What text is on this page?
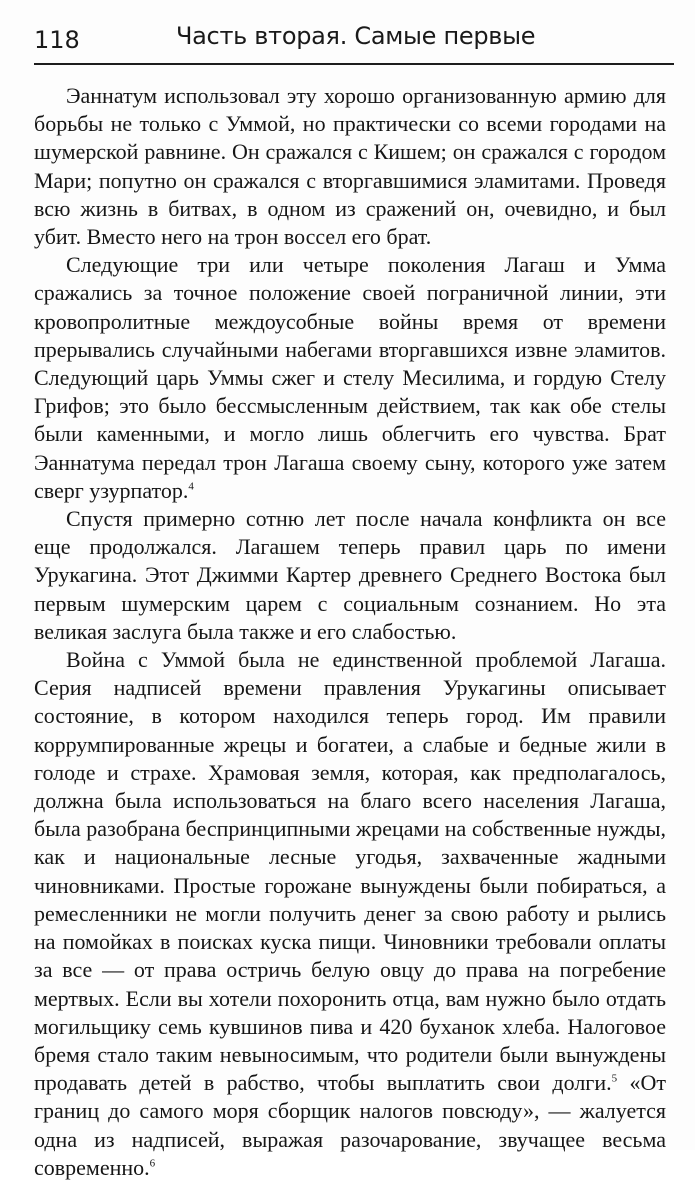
118	Часть вторая. Самые первые

Эаннатум использовал эту хорошо организованную армию для борьбы не только с Уммой, но практически со всеми городами на шумерской равнине. Он сражался с Кишем; он сражался с городом Мари; попутно он сражался с вторгавшимися эламитами. Проведя всю жизнь в битвах, в одном из сражений он, очевидно, и был убит. Вместо него на трон воссел его брат.

Следующие три или четыре поколения Лагаш и Умма сражались за точное положение своей пограничной линии, эти кровопролитные междоусобные войны время от времени прерывались случайными набегами вторгавшихся извне эламитов. Следующий царь Уммы сжег и стелу Месилима, и гордую Стелу Грифов; это было бессмысленным действием, так как обе стелы были каменными, и могло лишь облегчить его чувства. Брат Эаннатума передал трон Лагаша своему сыну, которого уже затем сверг узурпатор.$^4$

Спустя примерно сотню лет после начала конфликта он все еще продолжался. Лагашем теперь правил царь по имени Урукагина. Этот Джимми Картер древнего Среднего Востока был первым шумерским царем с социальным сознанием. Но эта великая заслуга была также и его слабостью.

Война с Уммой была не единственной проблемой Лагаша. Серия надписей времени правления Урукагины описывает состояние, в котором находился теперь город. Им правили коррумпированные жрецы и богатеи, а слабые и бедные жили в голоде и страхе. Храмовая земля, которая, как предполагалось, должна была использоваться на благо всего населения Лагаша, была разобрана беспринципными жрецами на собственные нужды, как и национальные лесные угодья, захваченные жадными чиновниками. Простые горожане вынуждены были побираться, а ремесленники не могли получить денег за свою работу и рылись на помойках в поисках куска пищи. Чиновники требовали оплаты за все — от права остричь белую овцу до права на погребение мертвых. Если вы хотели похоронить отца, вам нужно было отдать могильщику семь кувшинов пива и 420 буханок хлеба. Налоговое бремя стало таким невыносимым, что родители были вынуждены продавать детей в рабство, чтобы выплатить свои долги.$^5$ «От границ до самого моря сборщик налогов повсюду», — жалуется одна из надписей, выражая разочарование, звучащее весьма современно.$^6$
